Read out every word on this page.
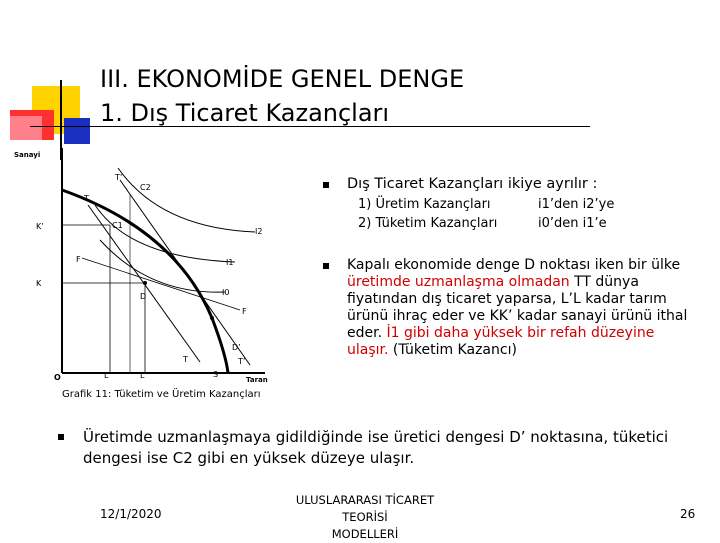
III. EKONOMİDE GENEL DENGE
1. Dış Ticaret Kazançları
Sanayi
T’
C2
T
K’	C1
I2
F	I1
K
D	I0
F
D’
T	T’
O	L’	L	S
Taran
Grafik 11: Tüketim ve Üretim Kazançları
Dış Ticaret Kazançları ikiye ayrılır :
1) Üretim Kazançları	i1’den i2’ye
2) Tüketim Kazançları	i0’den i1’e
Kapalı ekonomide denge D noktası iken bir ülke üretimde uzmanlaşma olmadan TT dünya fiyatından dış ticaret yaparsa, L’L kadar tarım ürünü ihraç eder ve KK’ kadar sanayi ürünü ithal eder. İ1 gibi daha yüksek bir refah düzeyine ulaşır. (Tüketim Kazancı)
Üretimde uzmanlaşmaya gidildiğinde ise üretici dengesi D’ noktasına, tüketici dengesi ise C2 gibi en yüksek düzeye ulaşır.
12/1/2020
ULUSLARARASI TİCARET TEORİSİ
MODELLERİ
26
